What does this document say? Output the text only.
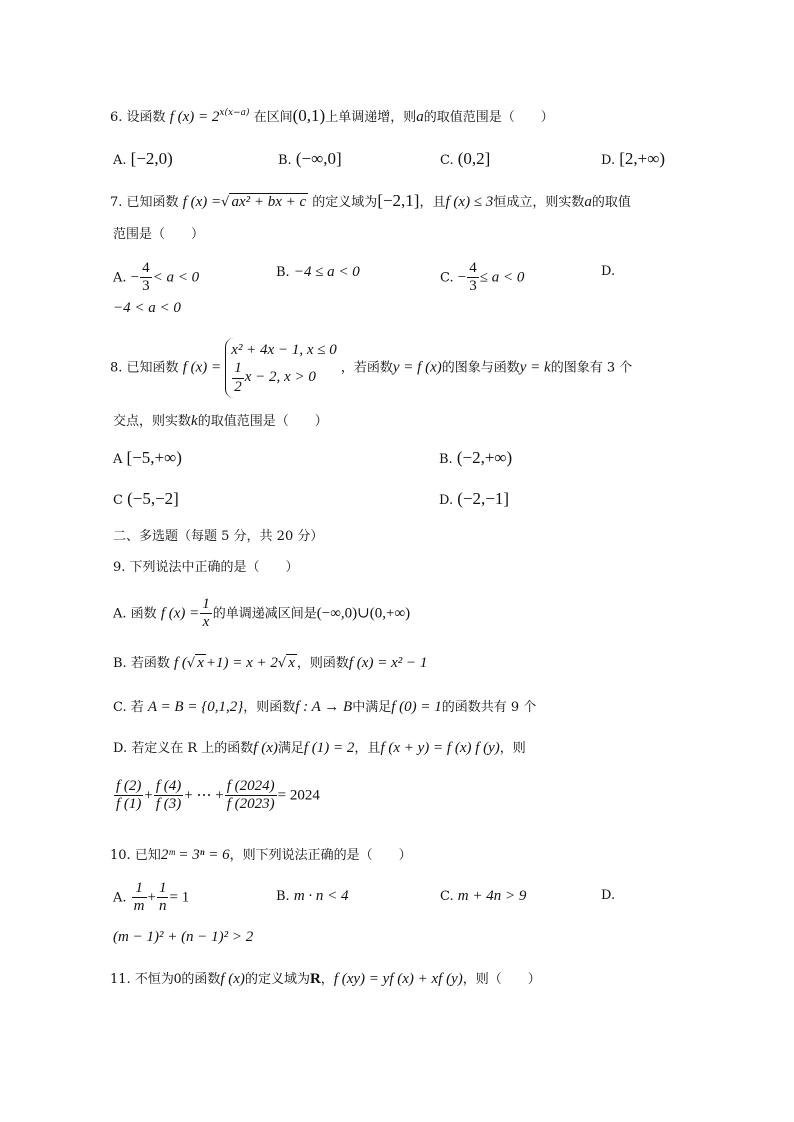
6. 设函数 f $(x) = 2^{x(x-a)}$ 在区间(0,1)上单调递增，则a的取值范围是（　　）
A. [−2,0)	B. (−∞,0]	C. (0,2]	D. [2,+∞)
7. 已知函数 f (x) =√ ax² + bx + c 的定义域为[−2,1]，且f (x) ≤ 3恒成立，则实数a的取值
范围是（　　）
A. − $\frac{4}{3} < a < 0$	B. −4 ≤ a < 0	C. − $\frac{4}{3} \le a < 0$	D.
−4 < a < 0
8. 已知函数 f (x) =
x² + 4x − 1, x ≤ 0
$\frac{1}{2}$ x − 2, x > 0
，若函数y = f (x)的图象与函数y = k的图象有 3 个
交点，则实数k的取值范围是（　　）
A [−5,+∞)	B. (−2,+∞)
C (−5,−2]	D. (−2,−1]
二、多选题（每题 5 分，共 20 分）
9. 下列说法中正确的是（　　）
A. 函数 f $(x) = \frac{1}{x}$ 的单调递减区间是(−∞,0)∪(0,+∞)
B. 若函数 f (√ x +1) = x + 2√ x ，则函数f (x) = x² − 1
C. 若 A = B = {0,1,2}，则函数f : A → B中满足f (0) = 1的函数共有 9 个
D. 若定义在 R 上的函数f (x)满足f (1) = 2，且f (x + y) = f (x) f (y)，则
$\frac{f (2)}{f (1)} + \frac{f (4)}{f (3)}$ + ⋯ + $\frac{f (2024)}{f (2023)} = 2024$
10. 已知2ᵐ = 3ⁿ = 6，则下列说法正确的是（　　）
A. $\frac{1}{m} + \frac{1}{n} = 1$	B. m · n < 4	C. m + 4n > 9	D.
(m − 1)² + (n − 1)² > 2
11. 不恒为0的函数f (x)的定义域为R，f (xy) = yf (x) + xf (y)，则（　　）
